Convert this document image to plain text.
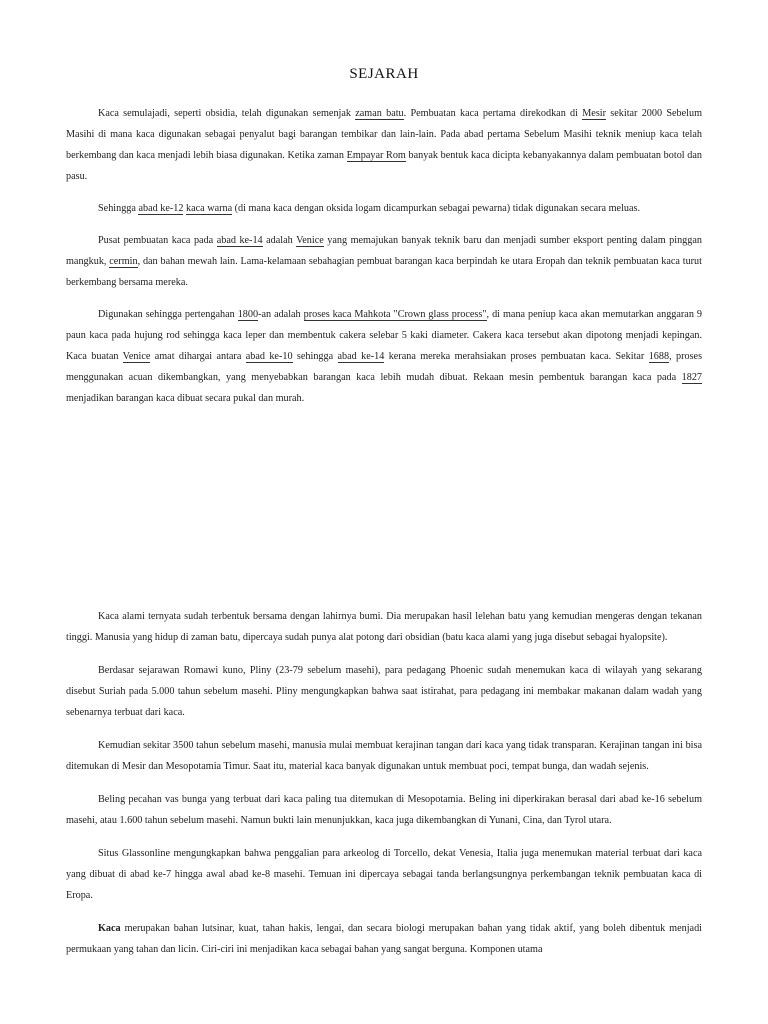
SEJARAH

Kaca semulajadi, seperti obsidia, telah digunakan semenjak zaman batu. Pembuatan kaca pertama direkodkan di Mesir sekitar 2000 Sebelum Masihi di mana kaca digunakan sebagai penyalut bagi barangan tembikar dan lain-lain. Pada abad pertama Sebelum Masihi teknik meniup kaca telah berkembang dan kaca menjadi lebih biasa digunakan. Ketika zaman Empayar Rom banyak bentuk kaca dicipta kebanyakannya dalam pembuatan botol dan pasu.

Sehingga abad ke-12 kaca warna (di mana kaca dengan oksida logam dicampurkan sebagai pewarna) tidak digunakan secara meluas.

Pusat pembuatan kaca pada abad ke-14 adalah Venice yang memajukan banyak teknik baru dan menjadi sumber eksport penting dalam pinggan mangkuk, cermin, dan bahan mewah lain. Lama-kelamaan sebahagian pembuat barangan kaca berpindah ke utara Eropah dan teknik pembuatan kaca turut berkembang bersama mereka.

Digunakan sehingga pertengahan 1800-an adalah proses kaca Mahkota "Crown glass process", di mana peniup kaca akan memutarkan anggaran 9 paun kaca pada hujung rod sehingga kaca leper dan membentuk cakera selebar 5 kaki diameter. Cakera kaca tersebut akan dipotong menjadi kepingan. Kaca buatan Venice amat dihargai antara abad ke-10 sehingga abad ke-14 kerana mereka merahsiakan proses pembuatan kaca. Sekitar 1688, proses menggunakan acuan dikembangkan, yang menyebabkan barangan kaca lebih mudah dibuat. Rekaan mesin pembentuk barangan kaca pada 1827 menjadikan barangan kaca dibuat secara pukal dan murah.

Kaca alami ternyata sudah terbentuk bersama dengan lahirnya bumi. Dia merupakan hasil lelehan batu yang kemudian mengeras dengan tekanan tinggi. Manusia yang hidup di zaman batu, dipercaya sudah punya alat potong dari obsidian (batu kaca alami yang juga disebut sebagai hyalopsite).

Berdasar sejarawan Romawi kuno, Pliny (23-79 sebelum masehi), para pedagang Phoenic sudah menemukan kaca di wilayah yang sekarang disebut Suriah pada 5.000 tahun sebelum masehi. Pliny mengungkapkan bahwa saat istirahat, para pedagang ini membakar makanan dalam wadah yang sebenarnya terbuat dari kaca.

Kemudian sekitar 3500 tahun sebelum masehi, manusia mulai membuat kerajinan tangan dari kaca yang tidak transparan. Kerajinan tangan ini bisa ditemukan di Mesir dan Mesopotamia Timur. Saat itu, material kaca banyak digunakan untuk membuat poci, tempat bunga, dan wadah sejenis.

Beling pecahan vas bunga yang terbuat dari kaca paling tua ditemukan di Mesopotamia. Beling ini diperkirakan berasal dari abad ke-16 sebelum masehi, atau 1.600 tahun sebelum masehi. Namun bukti lain menunjukkan, kaca juga dikembangkan di Yunani, Cina, dan Tyrol utara.

Situs Glassonline mengungkapkan bahwa penggalian para arkeolog di Torcello, dekat Venesia, Italia juga menemukan material terbuat dari kaca yang dibuat di abad ke-7 hingga awal abad ke-8 masehi. Temuan ini dipercaya sebagai tanda berlangsungnya perkembangan teknik pembuatan kaca di Eropa.

Kaca merupakan bahan lutsinar, kuat, tahan hakis, lengai, dan secara biologi merupakan bahan yang tidak aktif, yang boleh dibentuk menjadi permukaan yang tahan dan licin. Ciri-ciri ini menjadikan kaca sebagai bahan yang sangat berguna. Komponen utama
